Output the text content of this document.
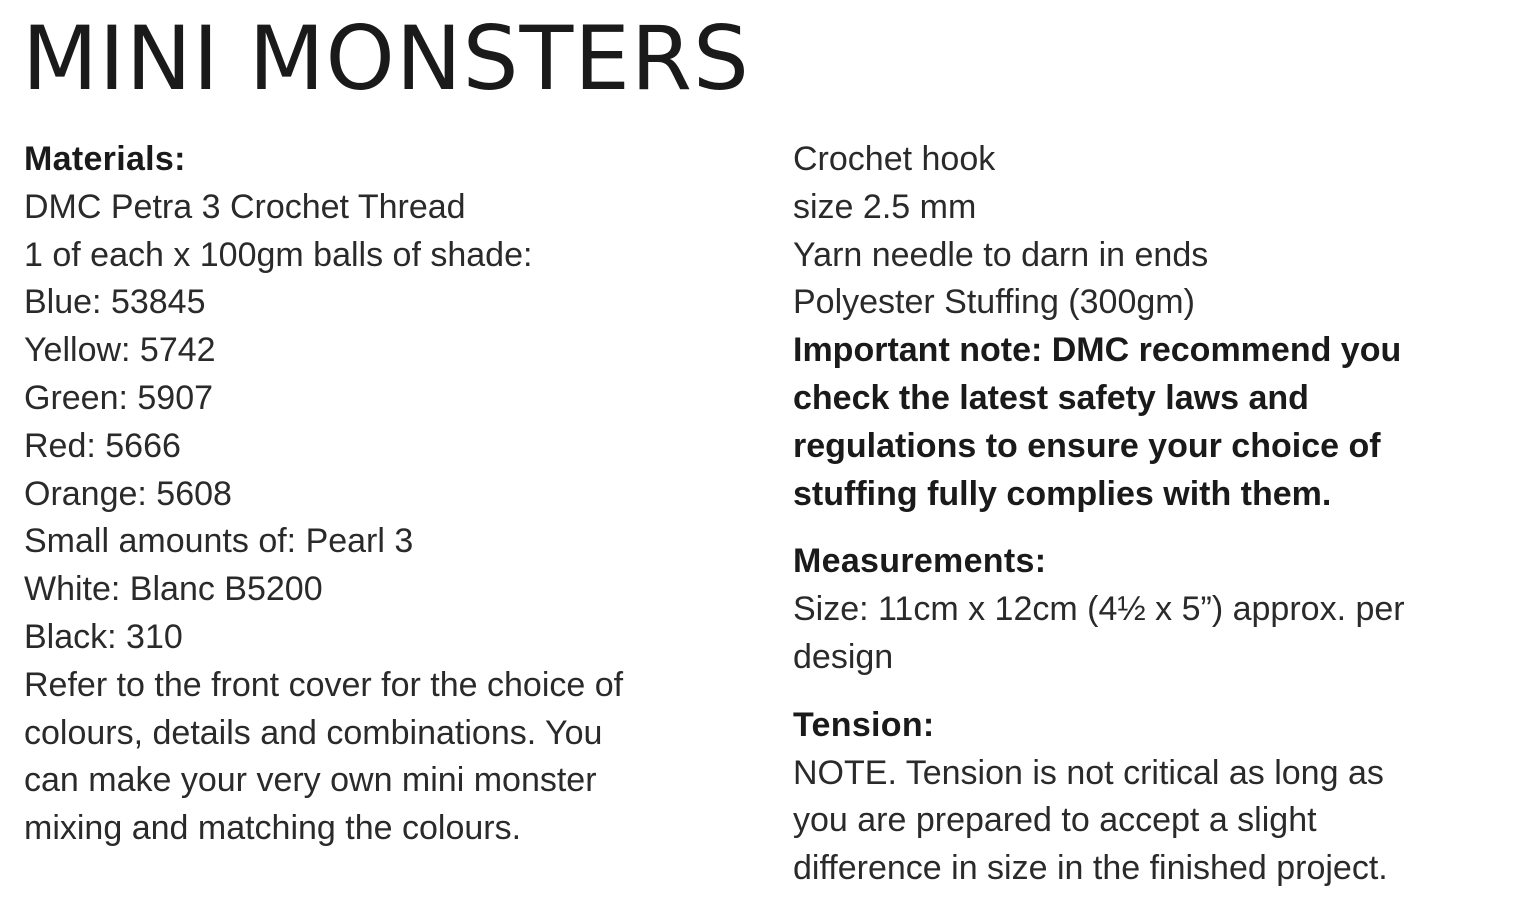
MINI MONSTERS
Materials:
DMC Petra 3 Crochet Thread
1 of each x 100gm balls of shade:
Blue: 53845
Yellow: 5742
Green: 5907
Red: 5666
Orange: 5608
Small amounts of: Pearl 3
White: Blanc B5200
Black: 310
Refer to the front cover for the choice of
colours, details and combinations. You
can make your very own mini monster
mixing and matching the colours.
Crochet hook
size 2.5 mm
Yarn needle to darn in ends
Polyester Stuffing (300gm)
Important note: DMC recommend you
check the latest safety laws and
regulations to ensure your choice of
stuffing fully complies with them.
Measurements:
Size: 11cm x 12cm (4½ x 5”) approx. per
design
Tension:
NOTE. Tension is not critical as long as
you are prepared to accept a slight
difference in size in the finished project.
